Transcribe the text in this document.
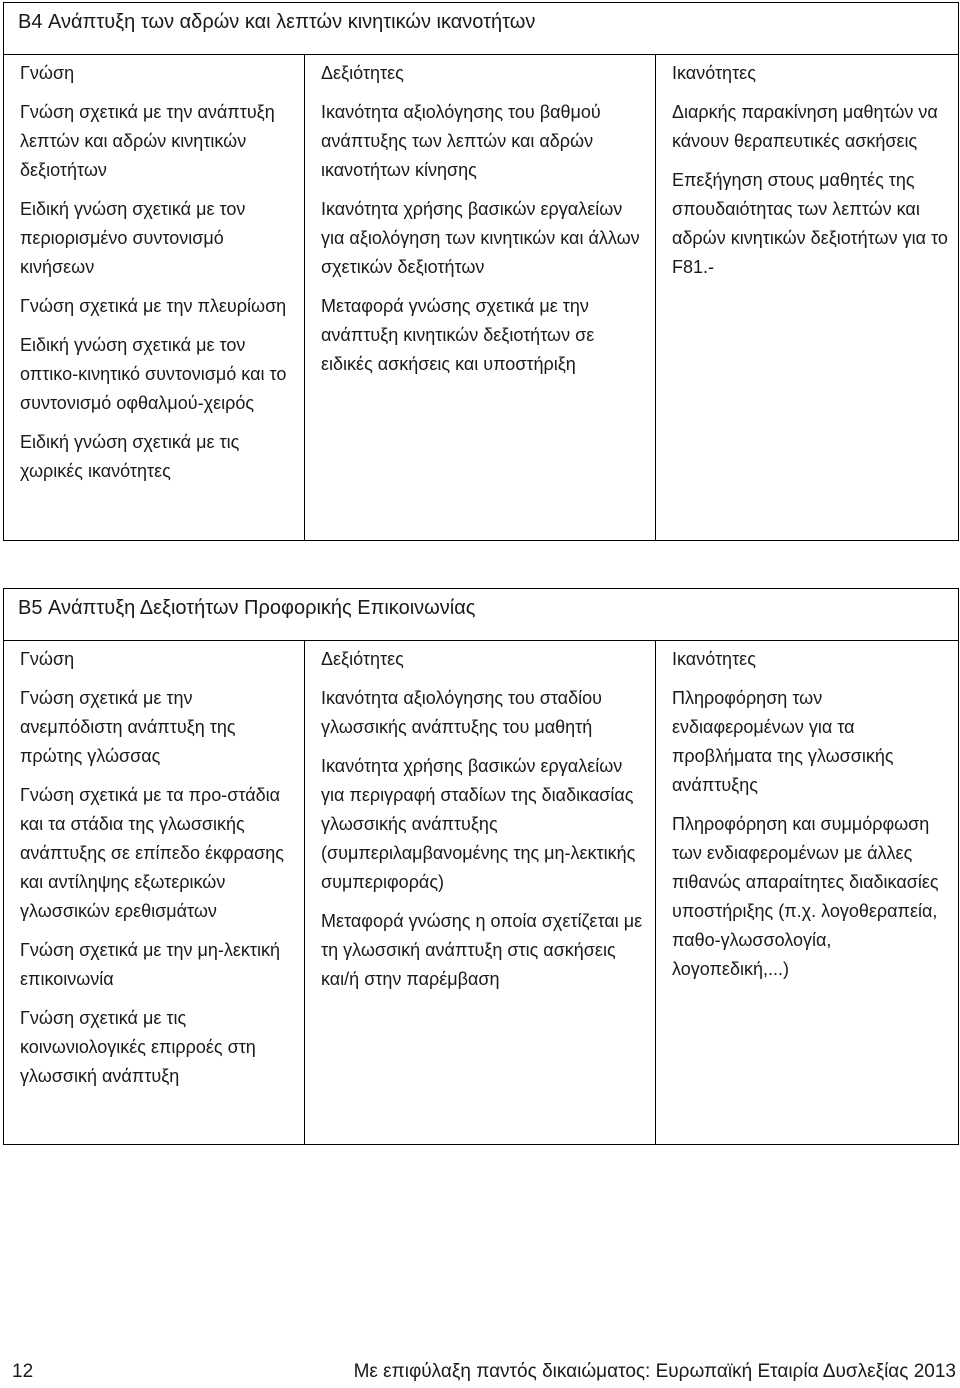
B4 Ανάπτυξη των αδρών και λεπτών κινητικών ικανοτήτων
Γνώση
Γνώση σχετικά με την ανάπτυξη λεπτών και αδρών κινητικών δεξιοτήτων
Ειδική γνώση σχετικά με τον περιορισμένο συντονισμό κινήσεων
Γνώση σχετικά με την πλευρίωση
Ειδική γνώση σχετικά με τον οπτικο-κινητικό συντονισμό και το συντονισμό οφθαλμού-χειρός
Ειδική γνώση σχετικά με τις χωρικές ικανότητες
Δεξιότητες
Ικανότητα αξιολόγησης του βαθμού ανάπτυξης των λεπτών και αδρών ικανοτήτων κίνησης
Ικανότητα χρήσης βασικών εργαλείων για αξιολόγηση των κινητικών και άλλων σχετικών δεξιοτήτων
Μεταφορά γνώσης σχετικά με την ανάπτυξη κινητικών δεξιοτήτων σε ειδικές ασκήσεις και υποστήριξη
Ικανότητες
Διαρκής παρακίνηση μαθητών να κάνουν θεραπευτικές ασκήσεις
Επεξήγηση στους μαθητές της σπουδαιότητας των λεπτών και αδρών κινητικών δεξιοτήτων για το F81.-
B5 Ανάπτυξη Δεξιοτήτων Προφορικής Επικοινωνίας
Γνώση
Γνώση σχετικά με την ανεμπόδιστη ανάπτυξη της πρώτης γλώσσας
Γνώση σχετικά με τα προ-στάδια και τα στάδια της γλωσσικής ανάπτυξης σε επίπεδο έκφρασης και αντίληψης εξωτερικών γλωσσικών ερεθισμάτων
Γνώση σχετικά με την μη-λεκτική επικοινωνία
Γνώση σχετικά με τις κοινωνιολογικές επιρροές στη γλωσσική ανάπτυξη
Δεξιότητες
Ικανότητα αξιολόγησης του σταδίου γλωσσικής ανάπτυξης του μαθητή
Ικανότητα χρήσης βασικών εργαλείων για περιγραφή σταδίων της διαδικασίας γλωσσικής ανάπτυξης (συμπεριλαμβανομένης της μη-λεκτικής συμπεριφοράς)
Μεταφορά γνώσης η οποία σχετίζεται με τη γλωσσική ανάπτυξη στις ασκήσεις και/ή στην παρέμβαση
Ικανότητες
Πληροφόρηση των ενδιαφερομένων για τα προβλήματα της γλωσσικής ανάπτυξης
Πληροφόρηση και συμμόρφωση των ενδιαφερομένων με άλλες πιθανώς απαραίτητες διαδικασίες υποστήριξης (π.χ. λογοθεραπεία, παθο-γλωσσολογία, λογοπεδική,...)
12	Με επιφύλαξη παντός δικαιώματος: Ευρωπαϊκή Εταιρία Δυσλεξίας 2013
